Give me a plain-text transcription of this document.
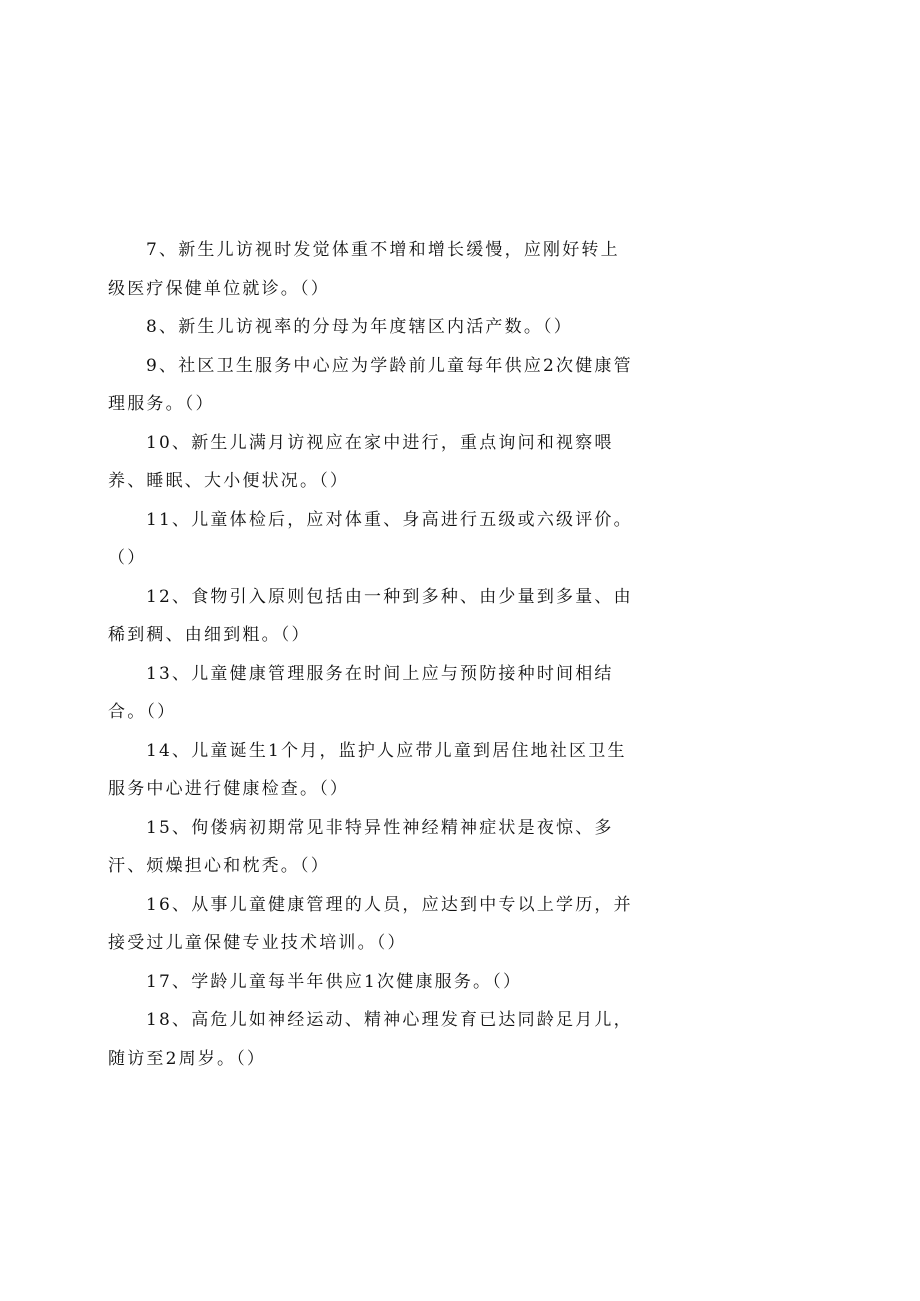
7、新生儿访视时发觉体重不增和增长缓慢，应刚好转上级医疗保健单位就诊。（）

8、新生儿访视率的分母为年度辖区内活产数。（）

9、社区卫生服务中心应为学龄前儿童每年供应2次健康管理服务。（）

10、新生儿满月访视应在家中进行，重点询问和视察喂养、睡眠、大小便状况。（）

11、儿童体检后，应对体重、身高进行五级或六级评价。（）

12、食物引入原则包括由一种到多种、由少量到多量、由稀到稠、由细到粗。（）

13、儿童健康管理服务在时间上应与预防接种时间相结合。（）

14、儿童诞生1个月，监护人应带儿童到居住地社区卫生服务中心进行健康检查。（）

15、佝偻病初期常见非特异性神经精神症状是夜惊、多汗、烦燥担心和枕秃。（）

16、从事儿童健康管理的人员，应达到中专以上学历，并接受过儿童保健专业技术培训。（）

17、学龄儿童每半年供应1次健康服务。（）

18、高危儿如神经运动、精神心理发育已达同龄足月儿，随访至2周岁。（）
